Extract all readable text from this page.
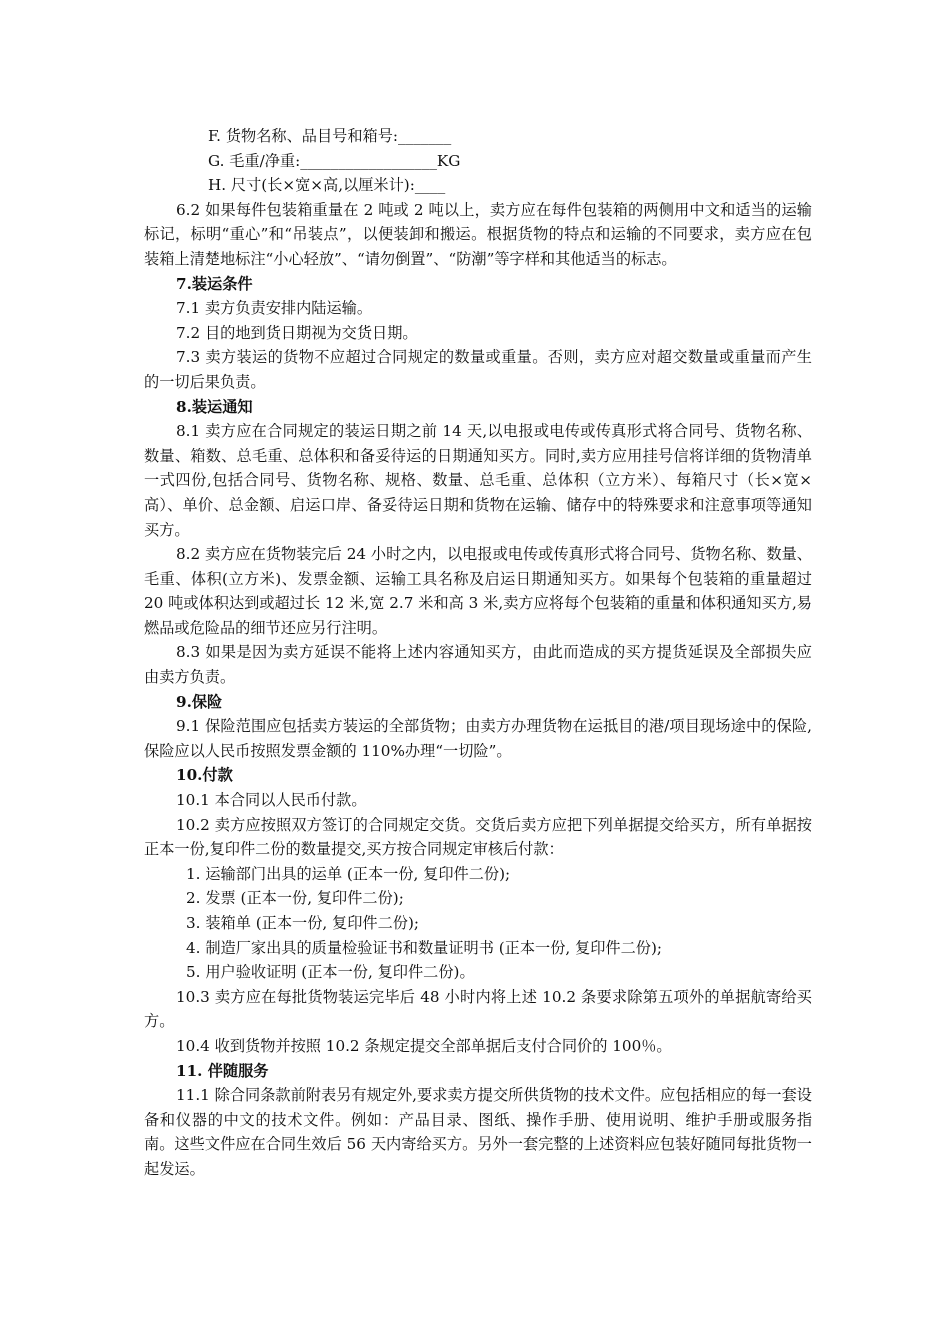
F. 货物名称、品目号和箱号:_______

G. 毛重/净重:__________________KG

H. 尺寸(长×宽×高,以厘米计):____

6.2 如果每件包装箱重量在 2 吨或 2 吨以上，卖方应在每件包装箱的两侧用中文和适当的运输标记，标明“重心”和“吊装点”，以便装卸和搬运。根据货物的特点和运输的不同要求，卖方应在包装箱上清楚地标注“小心轻放”、“请勿倒置”、“防潮”等字样和其他适当的标志。

7.装运条件

7.1 卖方负责安排内陆运输。

7.2 目的地到货日期视为交货日期。

7.3 卖方装运的货物不应超过合同规定的数量或重量。否则，卖方应对超交数量或重量而产生的一切后果负责。

8.装运通知

8.1 卖方应在合同规定的装运日期之前 14 天,以电报或电传或传真形式将合同号、货物名称、数量、箱数、总毛重、总体积和备妥待运的日期通知买方。同时,卖方应用挂号信将详细的货物清单一式四份,包括合同号、货物名称、规格、数量、总毛重、总体积（立方米）、每箱尺寸（长×宽×高）、单价、总金额、启运口岸、备妥待运日期和货物在运输、储存中的特殊要求和注意事项等通知买方。

8.2 卖方应在货物装完后 24 小时之内，以电报或电传或传真形式将合同号、货物名称、数量、毛重、体积(立方米)、发票金额、运输工具名称及启运日期通知买方。如果每个包装箱的重量超过 20 吨或体积达到或超过长 12 米,宽 2.7 米和高 3 米,卖方应将每个包装箱的重量和体积通知买方,易燃品或危险品的细节还应另行注明。

8.3 如果是因为卖方延误不能将上述内容通知买方，由此而造成的买方提货延误及全部损失应由卖方负责。

9.保险

9.1 保险范围应包括卖方装运的全部货物；由卖方办理货物在运抵目的港/项目现场途中的保险,保险应以人民币按照发票金额的 110%办理“一切险”。

10.付款

10.1 本合同以人民币付款。

10.2 卖方应按照双方签订的合同规定交货。交货后卖方应把下列单据提交给买方，所有单据按正本一份,复印件二份的数量提交,买方按合同规定审核后付款：

1. 运输部门出具的运单 (正本一份, 复印件二份);

2. 发票 (正本一份, 复印件二份);

3. 装箱单 (正本一份, 复印件二份);

4. 制造厂家出具的质量检验证书和数量证明书 (正本一份, 复印件二份);

5. 用户验收证明 (正本一份, 复印件二份)。

10.3 卖方应在每批货物装运完毕后 48 小时内将上述 10.2 条要求除第五项外的单据航寄给买方。

10.4 收到货物并按照 10.2 条规定提交全部单据后支付合同价的 100％。

11. 伴随服务

11.1 除合同条款前附表另有规定外,要求卖方提交所供货物的技术文件。应包括相应的每一套设备和仪器的中文的技术文件。例如：产品目录、图纸、操作手册、使用说明、维护手册或服务指南。这些文件应在合同生效后 56 天内寄给买方。另外一套完整的上述资料应包装好随同每批货物一起发运。
